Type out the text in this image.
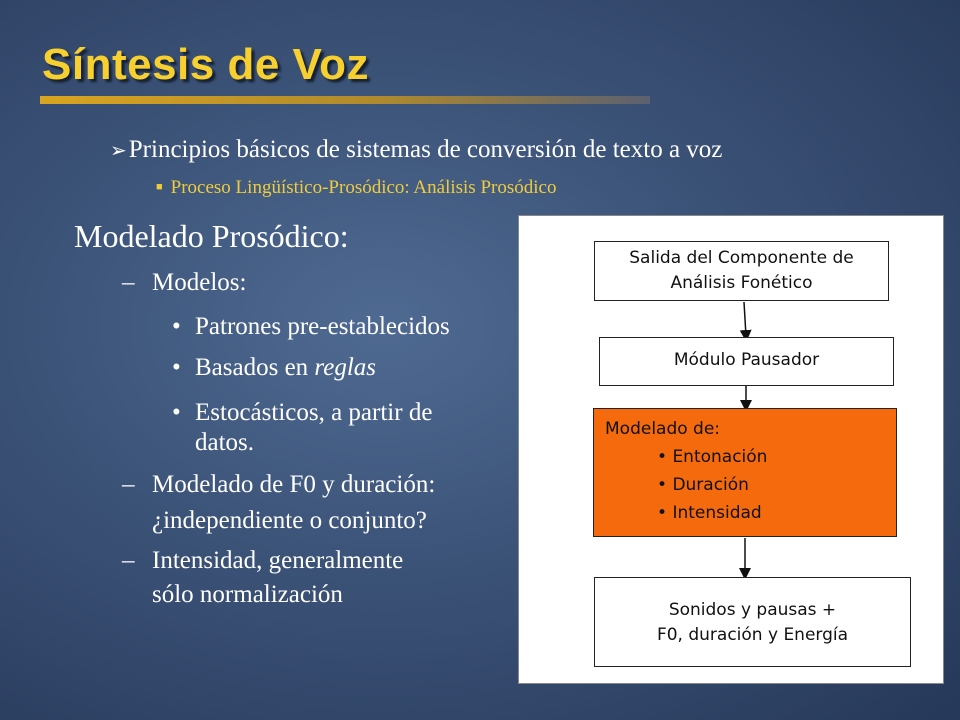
Síntesis de Voz
➢Principios básicos de sistemas de conversión de texto a voz
■ Proceso Lingüístico-Prosódico: Análisis Prosódico
Modelado Prosódico:
– Modelos:
• Patrones pre-establecidos
• Basados en reglas
• Estocásticos, a partir de
datos.
– Modelado de F0 y duración:
¿independiente o conjunto?
– Intensidad, generalmente
sólo normalización
Salida del Componente de
Análisis Fonético
Módulo Pausador
Modelado de:
• Entonación
• Duración
• Intensidad
Sonidos y pausas +
F0, duración y Energía
